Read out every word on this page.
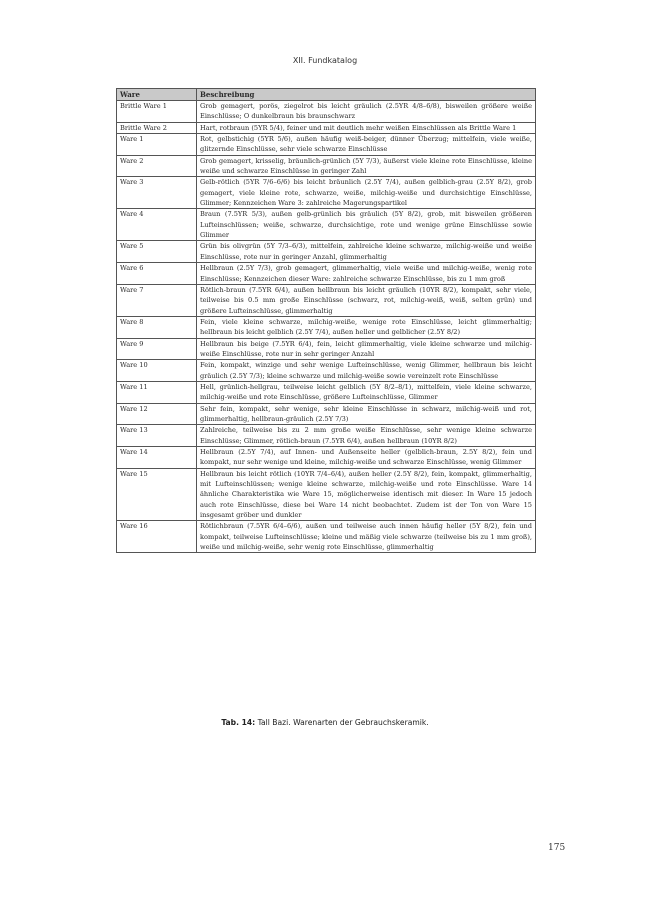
XII. Fundkatalog
Ware	Beschreibung
Brittle Ware 1	Grob gemagert, porös, ziegelrot bis leicht gräulich (2.5YR 4/8–6/8), bisweilen größere weiße Einschlüsse; O dunkelbraun bis braunschwarz
Brittle Ware 2	Hart, rotbraun (5YR 5/4), feiner und mit deutlich mehr weißen Einschlüssen als Brittle Ware 1
Ware 1	Rot, gelbstichig (5YR 5/6), außen häufig weiß-beiger, dünner Überzug; mittelfein, viele weiße, glitzernde Einschlüsse, sehr viele schwarze Einschlüsse
Ware 2	Grob gemagert, krisselig, bräunlich-grünlich (5Y 7/3), äußerst viele kleine rote Einschlüsse, kleine weiße und schwarze Einschlüsse in geringer Zahl
Ware 3	Gelb-rötlich (5YR 7/6–6/6) bis leicht bräunlich (2.5Y 7/4), außen gelblich-grau (2.5Y 8/2), grob gemagert, viele kleine rote, schwarze, weiße, milchig-weiße und durchsichtige Einschlüsse, Glimmer; Kennzeichen Ware 3: zahlreiche Magerungspartikel
Ware 4	Braun (7.5YR 5/3), außen gelb-grünlich bis gräulich (5Y 8/2), grob, mit bisweilen größeren Lufteinschlüssen; weiße, schwarze, durchsichtige, rote und wenige grüne Einschlüsse sowie Glimmer
Ware 5	Grün bis olivgrün (5Y 7/3–6/3), mittelfein, zahlreiche kleine schwarze, milchig-weiße und weiße Einschlüsse, rote nur in geringer Anzahl, glimmerhaltig
Ware 6	Hellbraun (2.5Y 7/3), grob gemagert, glimmerhaltig, viele weiße und milchig-weiße, wenig rote Einschlüsse; Kennzeichen dieser Ware: zahlreiche schwarze Einschlüsse, bis zu 1 mm groß
Ware 7	Rötlich-braun (7.5YR 6/4), außen hellbraun bis leicht gräulich (10YR 8/2), kompakt, sehr viele, teilweise bis 0.5 mm große Einschlüsse (schwarz, rot, milchig-weiß, weiß, selten grün) und größere Lufteinschlüsse, glimmerhaltig
Ware 8	Fein, viele kleine schwarze, milchig-weiße, wenige rote Einschlüsse, leicht glimmerhaltig; hellbraun bis leicht gelblich (2.5Y 7/4), außen heller und gelblicher (2.5Y 8/2)
Ware 9	Hellbraun bis beige (7.5YR 6/4), fein, leicht glimmerhaltig, viele kleine schwarze und milchig-weiße Einschlüsse, rote nur in sehr geringer Anzahl
Ware 10	Fein, kompakt, winzige und sehr wenige Lufteinschlüsse, wenig Glimmer, hellbraun bis leicht gräulich (2.5Y 7/3); kleine schwarze und milchig-weiße sowie vereinzelt rote Einschlüsse
Ware 11	Hell, grünlich-hellgrau, teilweise leicht gelblich (5Y 8/2–8/1), mittelfein, viele kleine schwarze, milchig-weiße und rote Einschlüsse, größere Lufteinschlüsse, Glimmer
Ware 12	Sehr fein, kompakt, sehr wenige, sehr kleine Einschlüsse in schwarz, milchig-weiß und rot, glimmerhaltig, hellbraun-gräulich (2.5Y 7/3)
Ware 13	Zahlreiche, teilweise bis zu 2 mm große weiße Einschlüsse, sehr wenige kleine schwarze Einschlüsse; Glimmer, rötlich-braun (7.5YR 6/4), außen hellbraun (10YR 8/2)
Ware 14	Hellbraun (2.5Y 7/4), auf Innen- und Außenseite heller (gelblich-braun, 2.5Y 8/2), fein und kompakt, nur sehr wenige und kleine, milchig-weiße und schwarze Einschlüsse, wenig Glimmer
Ware 15	Hellbraun bis leicht rötlich (10YR 7/4–6/4), außen heller (2.5Y 8/2), fein, kompakt, glimmerhaltig, mit Lufteinschlüssen; wenige kleine schwarze, milchig-weiße und rote Einschlüsse. Ware 14 ähnliche Charakteristika wie Ware 15, möglicherweise identisch mit dieser. In Ware 15 jedoch auch rote Einschlüsse, diese bei Ware 14 nicht beobachtet. Zudem ist der Ton von Ware 15 insgesamt gröber und dunkler
Ware 16	Rötlichbraun (7.5YR 6/4–6/6), außen und teilweise auch innen häufig heller (5Y 8/2), fein und kompakt, teilweise Lufteinschlüsse; kleine und mäßig viele schwarze (teilweise bis zu 1 mm groß), weiße und milchig-weiße, sehr wenig rote Einschlüsse, glimmerhaltig
Tab. 14: Tall Bazi. Warenarten der Gebrauchskeramik.
175
